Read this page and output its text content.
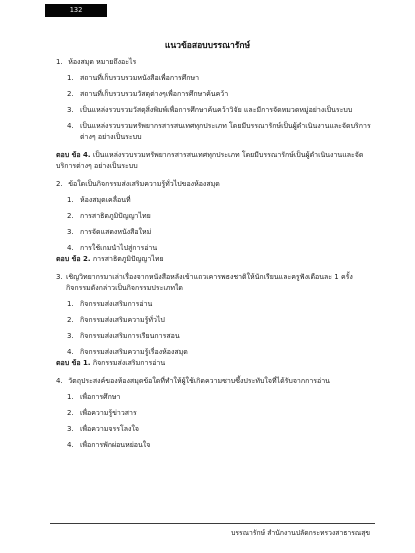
132
แนวข้อสอบบรรณารักษ์
1. ห้องสมุด หมายถึงอะไร
1. สถานที่เก็บรวบรวมหนังสือเพื่อการศึกษา
2. สถานที่เก็บรวบรวมวัสดุต่างๆเพื่อการศึกษาค้นคว้า
3. เป็นแหล่งรวบรวมวัสดุสิ่งพิมพ์เพื่อการศึกษาค้นคว้าวิจัย และมีการจัดหมวดหมู่อย่างเป็นระบบ
4. เป็นแหล่งรวบรวมทรัพยากรสารสนเทศทุกประเภท โดยมีบรรณารักษ์เป็นผู้ดำเนินงานและจัดบริการต่างๆ อย่างเป็นระบบ

ตอบ ข้อ 4. เป็นแหล่งรวบรวมทรัพยากรสารสนเทศทุกประเภท โดยมีบรรณารักษ์เป็นผู้ดำเนินงานและจัดบริการต่างๆ อย่างเป็นระบบ

2. ข้อใดเป็นกิจกรรมส่งเสริมความรู้ทั่วไปของห้องสมุด
1. ห้องสมุดเคลื่อนที่
2. การสาธิตภูมิปัญญาไทย
3. การจัดแสดงหนังสือใหม่
4. การใช้เกมนำไปสู่การอ่าน

ตอบ ข้อ 2. การสาธิตภูมิปัญญาไทย

3. เชิญวิทยากรมาเล่าเรื่องจากหนังสือหลังเข้าแถวเคารพธงชาติให้นักเรียนและครูฟังเดือนละ 1 ครั้ง กิจกรรมดังกล่าวเป็นกิจกรรมประเภทใด
1. กิจกรรมส่งเสริมการอ่าน
2. กิจกรรมส่งเสริมความรู้ทั่วไป
3. กิจกรรมส่งเสริมการเรียนการสอน
4. กิจกรรมส่งเสริมความรู้เรื่องห้องสมุด

ตอบ ข้อ 1. กิจกรรมส่งเสริมการอ่าน

4. วัตถุประสงค์ของห้องสมุดข้อใดที่ทำให้ผู้ใช้เกิดความซาบซึ้งประทับใจที่ได้รับจากการอ่าน
1. เพื่อการศึกษา
2. เพื่อความรู้ข่าวสาร
3. เพื่อความจรรโลงใจ
4. เพื่อการพักผ่อนหย่อนใจ
บรรณารักษ์ สำนักงานปลัดกระทรวงสาธารณสุข
